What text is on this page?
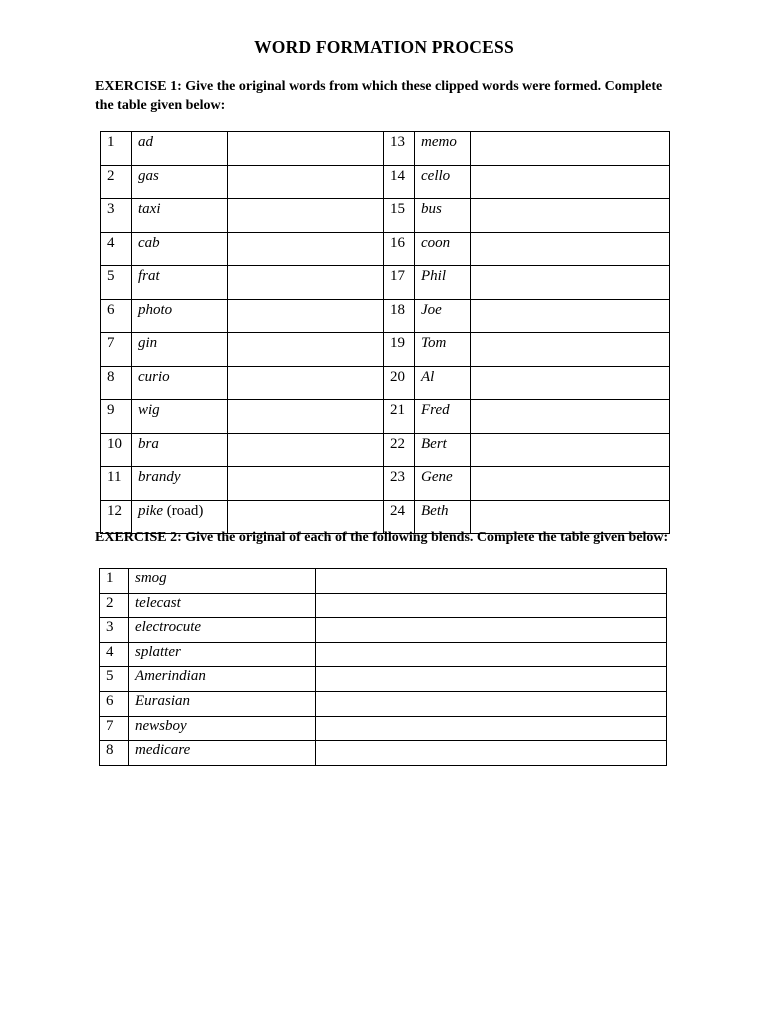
WORD FORMATION PROCESS
EXERCISE 1: Give the original words from which these clipped words were formed. Complete the table given below:
1	ad		13	memo	
2	gas		14	cello	
3	taxi		15	bus	
4	cab		16	coon	
5	frat		17	Phil	
6	photo		18	Joe	
7	gin		19	Tom	
8	curio		20	Al	
9	wig		21	Fred	
10	bra		22	Bert	
11	brandy		23	Gene	
12	pike (road)		24	Beth	
EXERCISE 2: Give the original of each of the following blends. Complete the table given below:
1	smog	
2	telecast	
3	electrocute	
4	splatter	
5	Amerindian	
6	Eurasian	
7	newsboy	
8	medicare	
